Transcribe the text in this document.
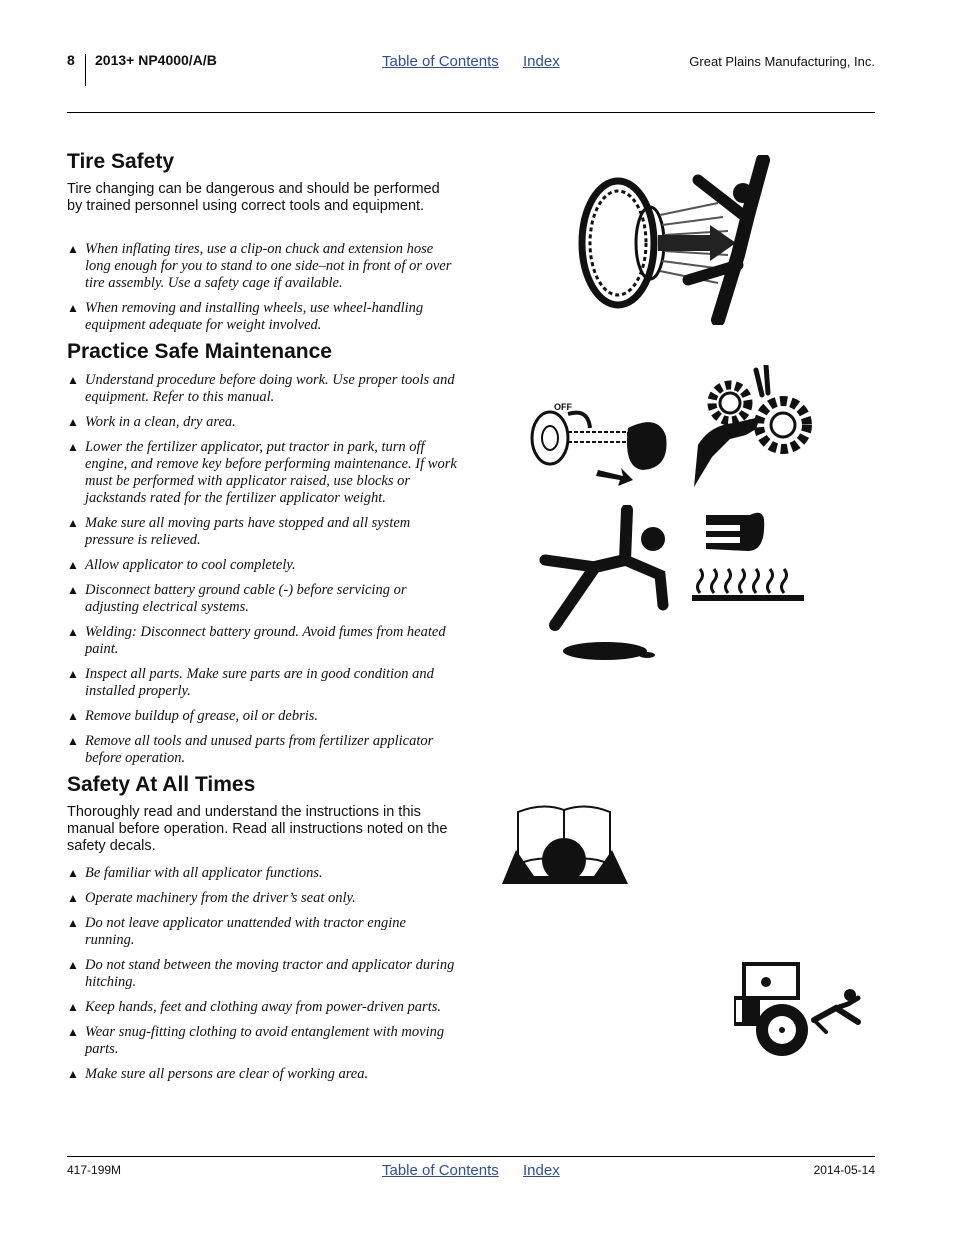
8 2013+ NP4000/A/B	Table of Contents Index	Great Plains Manufacturing, Inc.
Tire Safety

Tire changing can be dangerous and should be performed by trained personnel using correct tools and equipment.

▲ When inflating tires, use a clip-on chuck and extension hose long enough for you to stand to one side–not in front of or over tire assembly. Use a safety cage if available.
▲ When removing and installing wheels, use wheel-handling equipment adequate for weight involved.
Practice Safe Maintenance
▲ Understand procedure before doing work. Use proper tools and equipment. Refer to this manual.
▲ Work in a clean, dry area.
▲ Lower the fertilizer applicator, put tractor in park, turn off engine, and remove key before performing maintenance. If work must be performed with applicator raised, use blocks or jackstands rated for the fertilizer applicator weight.
▲ Make sure all moving parts have stopped and all system pressure is relieved.
▲ Allow applicator to cool completely.
▲ Disconnect battery ground cable (-) before servicing or adjusting electrical systems.
▲ Welding: Disconnect battery ground. Avoid fumes from heated paint.
▲ Inspect all parts. Make sure parts are in good condition and installed properly.
▲ Remove buildup of grease, oil or debris.
▲ Remove all tools and unused parts from fertilizer applicator before operation.
Safety At All Times

Thoroughly read and understand the instructions in this manual before operation. Read all instructions noted on the safety decals.

▲ Be familiar with all applicator functions.
▲ Operate machinery from the driver’s seat only.
▲ Do not leave applicator unattended with tractor engine running.
▲ Do not stand between the moving tractor and applicator during hitching.
▲ Keep hands, feet and clothing away from power-driven parts.
▲ Wear snug-fitting clothing to avoid entanglement with moving parts.
▲ Make sure all persons are clear of working area.
OFF
417-199M	Table of Contents Index	2014-05-14
